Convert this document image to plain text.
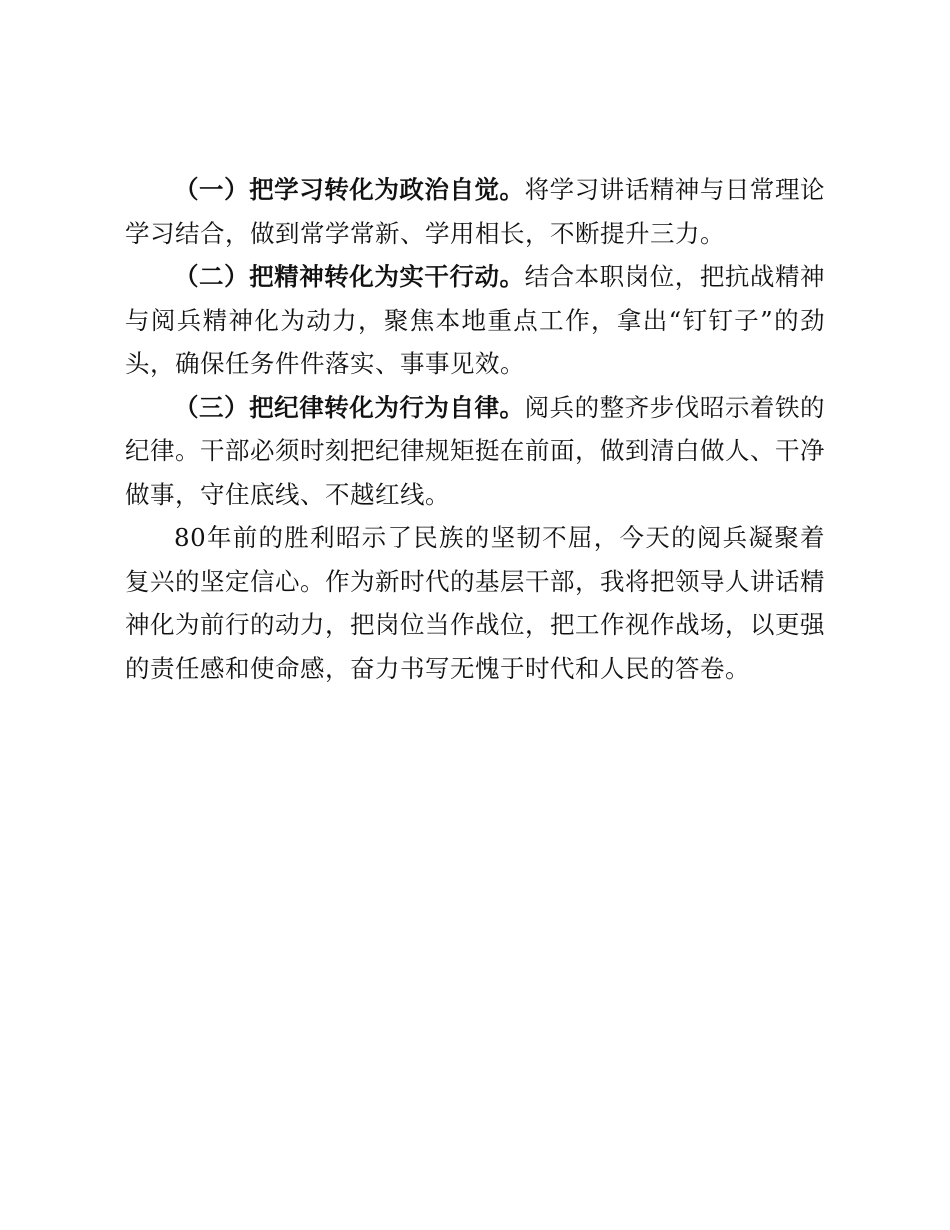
（一）把学习转化为政治自觉。将学习讲话精神与日常理论学习结合，做到常学常新、学用相长，不断提升三力。

（二）把精神转化为实干行动。结合本职岗位，把抗战精神与阅兵精神化为动力，聚焦本地重点工作，拿出“钉钉子”的劲头，确保任务件件落实、事事见效。

（三）把纪律转化为行为自律。阅兵的整齐步伐昭示着铁的纪律。干部必须时刻把纪律规矩挺在前面，做到清白做人、干净做事，守住底线、不越红线。

80年前的胜利昭示了民族的坚韧不屈，今天的阅兵凝聚着复兴的坚定信心。作为新时代的基层干部，我将把领导人讲话精神化为前行的动力，把岗位当作战位，把工作视作战场，以更强的责任感和使命感，奋力书写无愧于时代和人民的答卷。
